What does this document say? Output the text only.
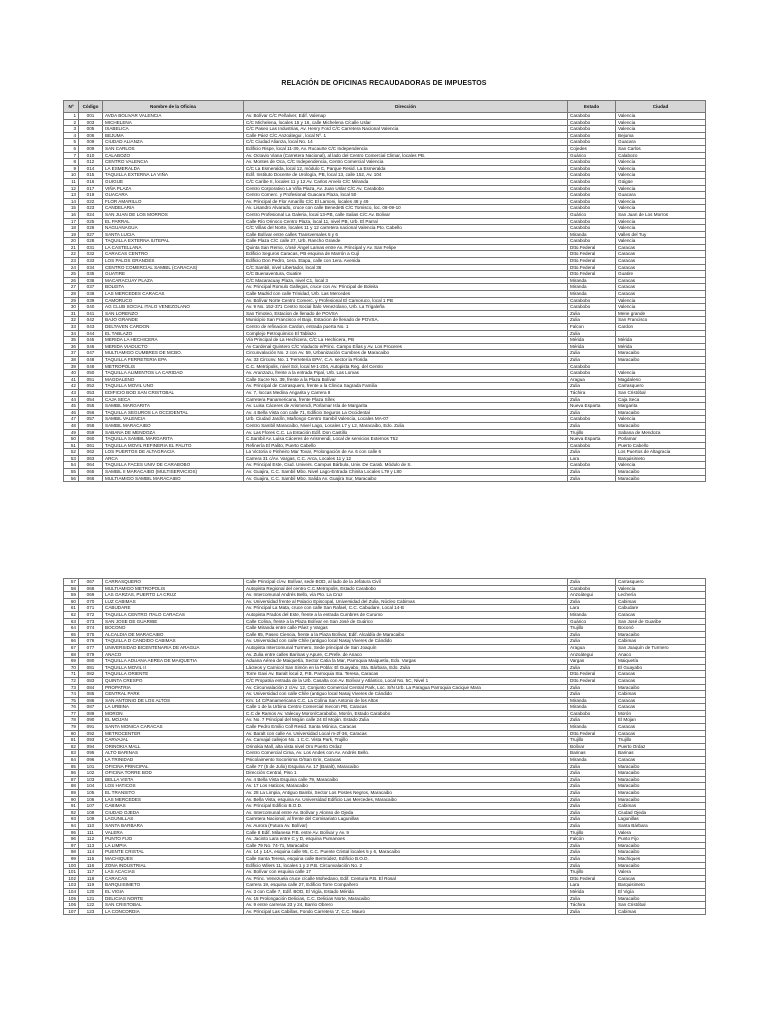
RELACIÓN DE OFICINAS RECAUDADORAS DE IMPUESTOS
Nº	Código	Nombre de la Oficina	Dirección	Estado	Ciudad
1	001	AVDA BOLIVAR VALENCIA	Av. Bolívar C/C Peñalver, Edif. Valenap	Carabobo	Valencia
2	003	MICHELENA	C/C Michelena, locales 15 y 16, calle Michelena C/calle Uslar	Carabobo	Valencia
3	005	ISABELICA	C/C Paseo Las Industrias, Av. Henry Ford C/C Carretera Nacional Valencia	Carabobo	Valencia
4	006	BEJUMA	Calle Páez C/C Anzoátegui , local Nº. 1	Carabobo	Bejuma
5	009	CIUDAD ALIANZA	C/C Ciudad Alianza, local No. 14	Carabobo	Guacara
6	009	SAN CARLOS	Edificio Rispe, local 11-39, Av. Rucaurte C/C Independencia	Cojedes	San Carlos
7	010	CALABOZO	Av. Octavio Viana (Carretera Nacional), al lado del Centro Comercial Climar, locales PB.	Guárico	Calabozo
8	012	CENTRO VALENCIA	Av. Montes de Oca, C/C Independencia, Centro Comercial Valencia	Carabobo	Valencia
9	014	LA ESMERALDA	C/C La Esmeralda, local 12, módulo C, Parque Resid. La Esmeralda	Carabobo	Valencia
10	015	TAQUILLA EXTERNA LA VIÑA	Edif. Instituto Docente de Urología, PB, local 13, calle 152, Av. 104	Carabobo	Valencia
11	016	GUIGUE	C/C Caribe II, locales 11 y 12 Av. Carlos Arvelo C/C Miranda	Carabobo	Güigüe
12	017	VIÑA PLAZA	Centro Corporativo La Viña Plaza, Av. Juan Uslar C/C Av. Carabobo	Carabobo	Valencia
13	019	GUACARA	Centro Comerc. y Profesional Guacara Plaza, local 50	Carabobo	Guacara
14	022	FLOR AMARILLO	Av. Principal de Flor Amarillo C/C El Lamoni, locales 48 y 49	Carabobo	Valencia
15	023	CANDELARIA	Av. Lisandro Alvarado, cruce con calle Benedetti C/C Tomisco, loc. 08-09-10	Carabobo	Valencia
16	024	SAN JUAN DE LOS MORROS	Centro Profesional La Galeria, local 13-PB, calle Salias C/C Av. Bolivar	Guárico	San Juan de Los Morros
17	025	EL PARRAL	Calle Río Orinoco Centro Plaza, local 11, nivel PB, Urb. El Parral	Carabobo	Valencia
18	026	NAGUANAGUA	C/C Villas del Norte, locales 11 y 12 carretera nacional Valencia Pto. Cabello	Carabobo	Valencia
19	027	SANTA LUCIA	Calle Bolívar entre calles Transversales 5 y 6	Miranda	Valles del Tuy
20	028	TAQUILLA EXTERNA IUTEPAL	Calle Plaza C/C calle 27, Urb. Rancho Grande	Carabobo	Valencia
21	031	LA CASTELLANA	Quinta San Remo, c/osé Ángel Lamas entre Av. Principal y Av. San Felipe	Dtto.Federal	Caracas
22	032	CARACAS CENTRO	Edificio Seguros Caracas, PB esquina de Marrón a Cují	Dtto.Federal	Caracas
23	033	LOS PALOS GRANDES	Edificio Don Pedro, 1era. Etapa, calle con 1era. Avenida	Dtto.Federal	Caracas
24	034	CENTRO COMERCIAL SAMBIL (CARACAS)	C/C Sambil, nivel Libertador, local 36	Dtto.Federal	Caracas
25	035	GUATIRE	C/C Buenaventura, Guatire	Dtto.Federal	Guatire
26	036	MACARACUAY PLAZA	C/C Macaracuay Plaza, nivel C1, local 3	Miranda	Caracas
27	037	BOLEITA	Av. Principal Romulo Gallegos, cruce con Av. Principal de Boleita	Miranda	Caracas
28	038	LAS MERCEDES CARACAS	Calle Madrid con calle Trinidad, Urb. Las Mercedes	Miranda	Caracas
29	039	CAMORUCO	Av. Bolívar Norte Centro Comerc. y Profesional El Camoruco, local 1 PB	Carabobo	Valencia
30	040	AG CLUB SOCIAL ITALO VENEZOLANO	Av. 9 No. 152-371 Centro Social Ítalo Venezolano, Urb. La Trigaleña	Carabobo	Valencia
31	041	SAN LORENZO	San Timoteo, Estacion de llenado de POVSA	Zulia	Mene grande
32	042	BAJO GRANDE	Municipio San Francisco el Bajo, Estacion de llenado de POVSA.	Zulia	San Francisco
33	043	DELTAVEN CARDON	Centro de refinacion Cardon, entrada puerta No. 1	Falcon	Cardon
34	044	EL TABLAZO	Complejo Petroquimico El Tablazo	Zulia	
35	045	MERIDA LA HECHICERA	Vía Principal de La Hechicera, C/C La Hechicera, PB	Mérida	Mérida
36	046	MERIDA VIADUCTO	Av Cardenal Quintero C/C Viaducto e/Princ. Campo Elías y Av. Los Proceres	Mérida	Mérida
37	047	MULTIAMIGO CUMBRES DE MCBO.	Circunvalación No. 2 con Av. 59, Urbanización Cumbres de Maracaibo	Zulia	Maracaibo
38	048	TAQUILLA FERRETERIA EPA	Av. 33 Circunv. No. 1 'Ferretería EPA', C.A. sector la Florida	Zulia	Maracaibo
39	049	METROPOLIS	C.C. Metrópolis, nivel Sol, local M-1-204, Autopista Reg. del Centro	Carabobo	
40	050	TAQUILLA ALIMENTOS LA CARIDAD	Av. Aranzazu, frente a la entrada Pipal, Urb. Las Lomas	Carabobo	Valencia
41	051	MAGDALENO	Calle Sucre No. 39, frente a la Plaza Bolívar	Aragua	Magdaleno
42	052	TAQUILLA MOVIL UNO	Av. Principal de Carrasquero, frente a la Clinica Sagrada Familia	Zulia	Carrasquero
43	053	EDIFICIO BOD SAN CRISTOBAL	Av. 7, loccas Medina Angarita y Carrera 8	Táchira	San Cristóbal
44	054	CAJA SECA	Carretera Panamericana, frente Plaza Sílex	Zulia	Caja Seca
45	055	SAMBIL MARGARITA	Av. Luisa Cáceres de Arismendi, Porlamar Isla de Margarita	Nueva Esparta	Margarita
46	056	TAQUILLA SEGUROS LA OCCIDENTAL	Av. 4 Bella Vista con calle 71, Edificio Seguros La Occidental	Zulia	Maracaibo
47	057	SAMBIL VALENCIA	Urb. Ciudad Jardín, Mañongo Centro Sambil Valencia, Locales MA-07	Carabobo	Valencia
48	058	SAMBIL MARACAIBO	Centro Sambil Maracaibo, Nivel Lago, Locales L7 y L2, Maracaibo, Edo. Zulia	Zulia	Maracaibo
49	059	SABANA DE MENDOZA	Av. Las Flores C.C. La Estación Edif. Don Castillo	Trujillo	Sabana de Mendoza
50	060	TAQUILLA SAMBIL MARGARITA	C.Sambil Av. Luisa Cáceres de Arismendi, Local de servicios Externos T52	Nueva Esparta	Porlamar
51	061	TAQUILLA MOVIL REFINERIA EL PALITO	Refinería El Palito, Puerto Cabello	Carabobo	Puerto Cabello
52	062	LOS PUERTOS DE ALTAGRACIA	La Victoria o Pinheiro Mar Tovar, Prolongación de Av. 6 con calle 6	Zulia	Los Puertos de Altagracia
53	063	ARCA	Carrera 31 c/Av. Vargas, C.C. Arca, Locales 11 y 12	Lara	Barquisimeto
54	064	TAQUILLA FACES UNIV DE CARABOBO	Av. Principal Este, Ciud. Univers. Campus Bárbula, Univ. De Carab. Módulo de S.	Carabobo	Valencia
55	065	SAMBIL II MARACAIBO (MULTISERVICIOS)	Av. Guajira, C.C. Sambil Mbo. Nivel Lago-Entrada Chinita Locales L79 y L80	Zulia	Maracaibo
56	066	MULTIAMIGO SAMBIL MARACAIBO	Av. Guajira, C.C. Sambil Mbo. Salida Av. Guajira Sur, Maracaibo	Zulia	Maracaibo
57	067	CARRASQUERO	Calle Principal c/Av. Bolívar, sede BOD, al lado de la Jefatura Civil	Zulia	Carrasquero
58	068	MULTIAMIGO METROPOLIS	Autopista Regional del centro C.C.Metropolis, Estado Carabobo	Carabobo	Valencia
59	069	LAS GARZAS, PUERTO LA CRUZ	Av. Intercomunal Andrés Bello, vía Pto. La Cruz	Anzoátegui	Lechería
60	070	LUZ CABIMAS	Av. Universidad frente al Palacio Episcopal, Universidad del Zulia, Núcleo Cabimas	Zulia	Cabimas
61	071	CABUDARE	Av. Principal La Mata, cruce con calle San Rafael, C.C. Cabudare, Local 14-B	Lara	Cabudare
62	072	TAQUILLA CENTRO ITALO CARACAS	Autopista Prados del Este, frente a la entrada Cumbres de Curumo	Miranda	Caracas
63	073	SAN JOSE DE GUARIBE	Calle Colina, frente a la Plaza Bolívar en San José de Guárico	Guárico	San José de Guaribe
64	074	BOCONO	Calle Miranda entre calle Páez y Vargas	Trujillo	Boconó
65	075	ALCALDIA DE MARACAIBO	Calle 85, Paseo Ciencia, frente a la Plaza Bolívar, Edif. Alcaldía de Maracaibo	Zulia	Maracaibo
66	076	TAQUILLA D CANDIDO CABIMAS	Av. Universidad con calle Chile (antiguo local Nasaj Viveres de Cándido	Zulia	Cabimas
67	077	UNIVERSIDAD BICENTENARIA DE ARAGUA	Autopista Intercomunal Turmero, Sede principal de San Joaquín	Aragua	San Joaquín de Turmero
68	079	ANACO	Av. Zulia entre calles Barinas y Apure, C.Prefe. de Anaco	Anzoátegui	Anaco
69	080	TAQUILLA ADUANA AEREA DE MAIQUETIA	Aduana Aérea de Maiquetía, Sector Catia la Mar, Parroquia Maiquetía, Edo. Vargas	Vargas	Maiquetía
70	081	TAQUILLA MOVIL II	Lácteos y Carnicol San Simón en la Pobla: El Guayabo, Sta. Bárbara, Edo. Zulia	Zulia	El Guayabo
71	082	TAQUILLA ORIENTE	Torre Gavi Av. Baralt local 2, P.B. Parroquia Sta. Teresa, Caracas	Dtto.Federal	Caracas
72	083	QUINTA CRESPO	C/C Propatria entrada de la Urb. Casalta con Av. Bolívar y Atlántico, Local No. 5C, Nivel 1	Dtto.Federal	Caracas
73	084	PROPATRIA	Av. Circunvalación 2 c/Av. 12, Conjunto Comercial Central Park, Loc. S/N Urb. La Paragua Parroquia Cacique Mara	Zulia	Maracaibo
74	085	CENTRAL PARK	Av. Universidad con calle Chile (antiguo local Nasaj Viveres de Cándido	Zulia	Cabimas
75	086	SAN ANTONIO DE LOS ALTOS	Km. 14 C/Panamericana C.C. La Colina San Antonio de los Altos	Miranda	Caracas
76	087	LA URBINA	Calle 1 de la Urbina Centro Comercial Inecom PB, Caracas	Miranda	Caracas
77	089	MORON	C.C de Ramos Av. Valecuy Moron/Carabobo, Morón, Estado Carabobo	Carabobo	Morón
78	090	EL MOJAN	Av. No. 7 Principal del Moján calle 24 El Moján. Estado Zulia	Zulia	El Mojan
79	091	SANTA MONICA CARACAS	Calle Pedro Emilio Coll Resid. Santa Mónica, Caracas	Miranda	Caracas
80	092	METROCENTER	Av. Baralt con calle Av. Universidad Local m-2f-36, Caracas	Dtto.Federal	Caracas
81	093	CARVAJAL	Av. Carvajal callejon No. 1 C.C. Vista Park, Trujillo	Trujillo	Trujillo
82	094	ORINOKIA MALL	Orinokia Mall, alta vista nivel Oro Puerto Ordaz	Bolívar	Puerto Ordaz
83	095	ALTO BARINAS	Centro Comercial Cima, Av. Los Andes con Av. Andrés Bello.	Barinas	Barinas
84	096	LA TRINIDAD	Psicolaimento Socorisma O/San Erin, Caracas	Miranda	Caracas
85	101	OFICINA PRINCIPAL	Calle 77 (5 de Julio) Esquina Av. 17 (Baralt), Maracaibo	Zulia	Maracaibo
86	102	OFICINA TORRE BOD	Dirección Central, Piso 1	Zulia	Maracaibo
87	103	BELLA VISTA	Av. 4 Bella Vista Esquina calle 79, Maracaibo	Zulia	Maracaibo
88	104	LOS HATICOS	Av. 17 Los Haticos, Maracaibo	Zulia	Maracaibo
89	105	EL TRANSITO	Av. 28 La Limpia, Antiguo Bambi, Sector Los Postes Negros, Maracaibo	Zulia	Maracaibo
90	106	LAS MERCEDES	Av. Bella Vista, esquina Av. Universidad Edificio Las Mercedes, Maracaibo	Zulia	Maracaibo
91	107	CABIMAS	Av. Principal Edificio B.O.D.	Zulia	Cabimas
92	108	CIUDAD OJEDA	Av. Intercomunal entre Av. Bolívar y Alonso de Ojeda	Zulia	Ciudad Ojeda
93	109	LAGUNILLAS	Carretera Nacional, al frente del Comisariato Lagunillas	Zulia	Lagunillas
94	110	SANTA BARBARA	Av. Aurora (Futura Av. Bolívar)	Zulia	Santa Bárbara
95	111	VALERA	Calle 8 Edif. Milanesa P.B. entre Av. Bolívar y Av. 9	Trujillo	Valera
96	112	PUNTO FIJO	Av. Jacinto Lara entre C y D, esquina Pumanoes	Falcón	Punto Fijo
97	113	LA LIMPIA	Calle 79 No. 74-71, Maracaibo	Zulia	Maracaibo
98	114	PUENTE CRISTAL	Av. 14 y 14A, esquina calle 95, C.C. Puente Cristal locales 5 y 6, Maracaibo	Zulia	Maracaibo
99	115	MACHIQUES	Calle Santa Teresa, esquina calle Bermúdez, Edificio B.O.D.	Zulia	Machiques
100	116	ZONA INDUSTRIAL	Edificio Wilers 11, locales 1 y 2 P.B. Circunvalación No. 2	Zulia	Maracaibo
101	117	LAS ACACIAS	Av. Bolívar con esquina calle 17	Trujillo	Valera
102	118	CARACAS	Av. Princ. Venezuela cruce c/calle Mohedano, Edif. Centuria P.B. El Rosal	Dtto.Federal	Caracas
103	119	BARQUISIMETO	Carrera 19, esquina calle 27, Edificio Torre Compañero	Lara	Barquisimeto
104	120	EL VIGIA	Av. 3 con Calle 7, Edif. BOD, El Vigía, Estado Mérida	Mérida	El Vigía
105	121	DELICIAS NORTE	Av. 15 Prolongación Delicias, C.C. Delicias Norte, Maracaibo	Zulia	Maracaibo
106	122	SAN CRISTOBAL	Av. 9 entre carreras 23 y 24, Barrio Obrero	Táchira	San Cristóbal
107	123	LA CONCORDIA	Av. Principal Las Cabillas, Fondo Carretera 'J', C.C. Mauro	Zulia	Cabimas
